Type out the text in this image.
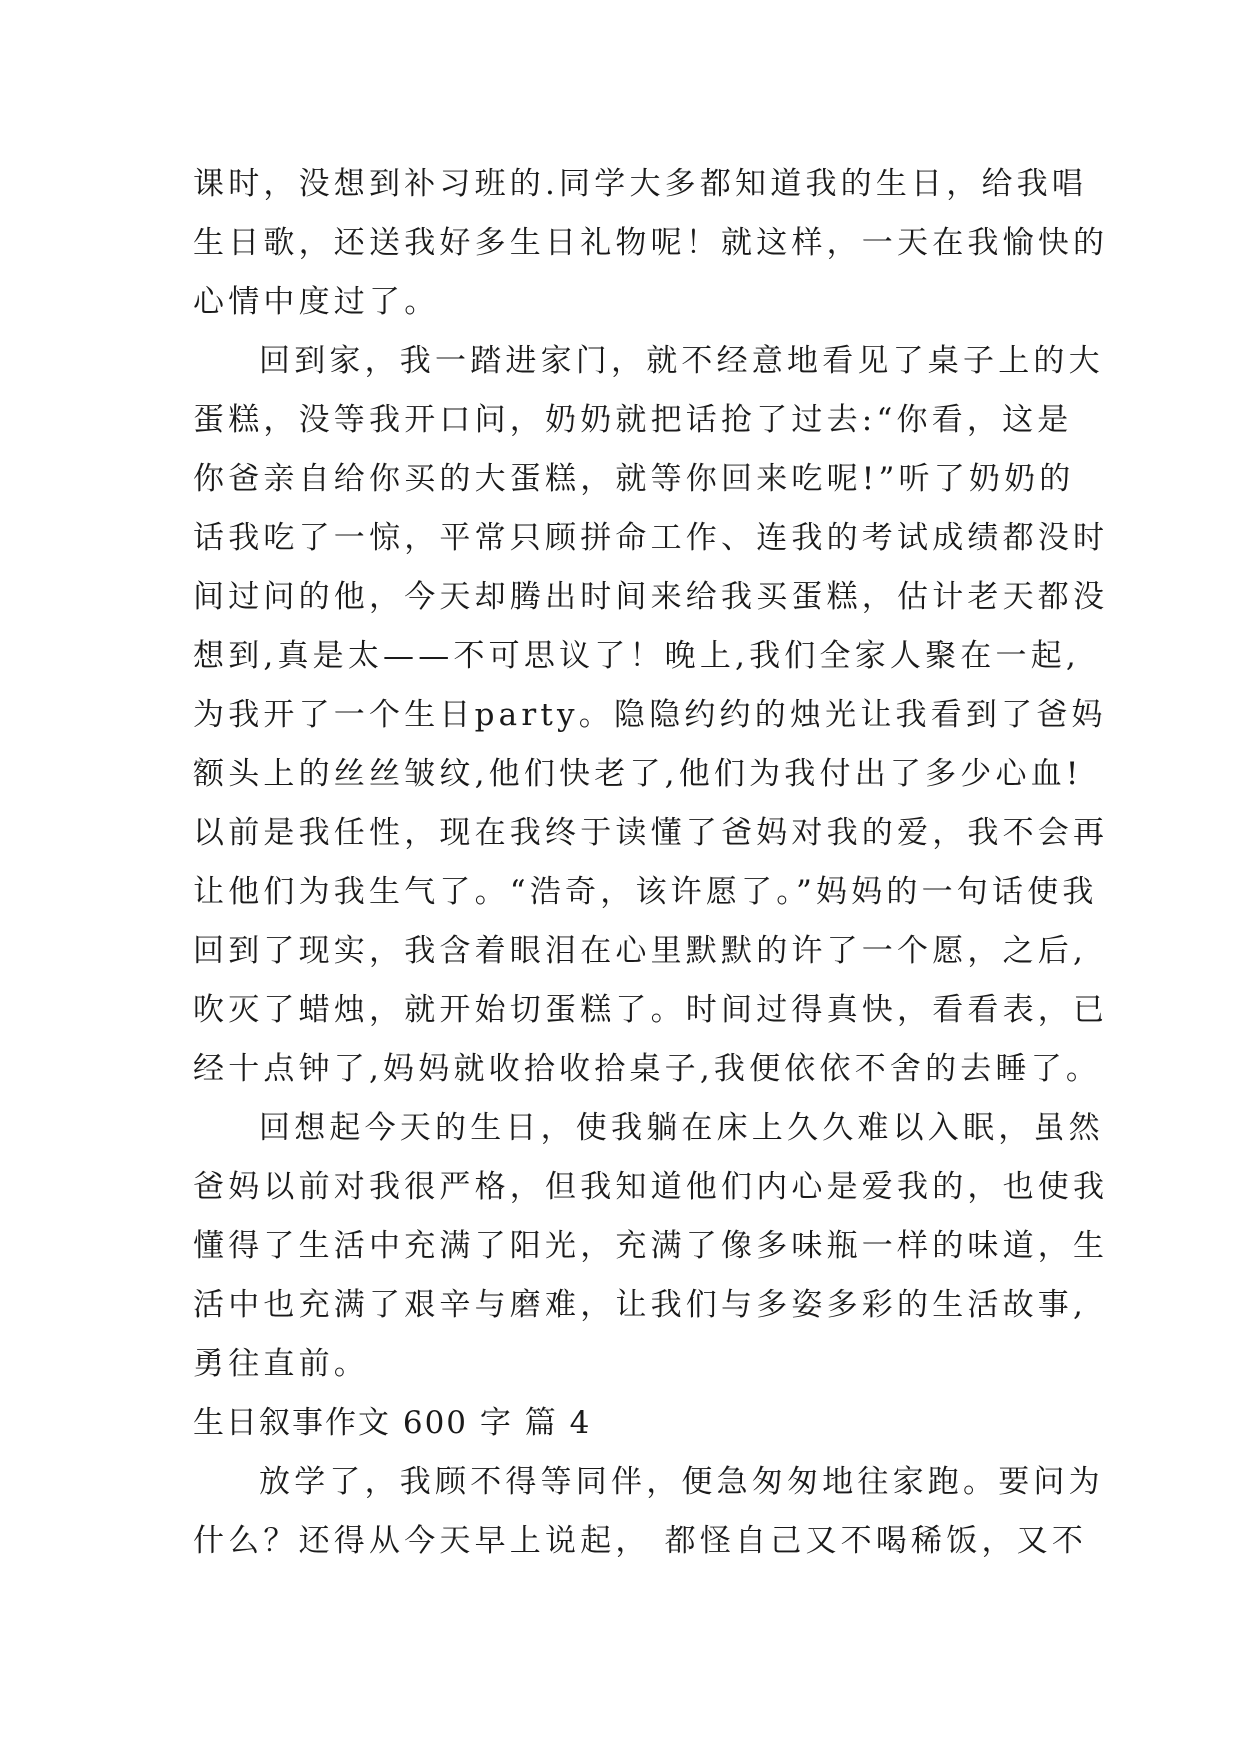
课时，没想到补习班的.同学大多都知道我的生日，给我唱
生日歌，还送我好多生日礼物呢！就这样，一天在我愉快的
心情中度过了。
回到家，我一踏进家门，就不经意地看见了桌子上的大
蛋糕，没等我开口问，奶奶就把话抢了过去:“你看，这是
你爸亲自给你买的大蛋糕，就等你回来吃呢!”听了奶奶的
话我吃了一惊，平常只顾拼命工作、连我的考试成绩都没时
间过问的他，今天却腾出时间来给我买蛋糕，估计老天都没
想到,真是太——不可思议了！晚上,我们全家人聚在一起,
为我开了一个生日party。隐隐约约的烛光让我看到了爸妈
额头上的丝丝皱纹,他们快老了,他们为我付出了多少心血!
以前是我任性，现在我终于读懂了爸妈对我的爱，我不会再
让他们为我生气了。“浩奇，该许愿了。”妈妈的一句话使我
回到了现实，我含着眼泪在心里默默的许了一个愿，之后,
吹灭了蜡烛，就开始切蛋糕了。时间过得真快，看看表，已
经十点钟了,妈妈就收拾收拾桌子,我便依依不舍的去睡了。
回想起今天的生日，使我躺在床上久久难以入眠，虽然
爸妈以前对我很严格，但我知道他们内心是爱我的，也使我
懂得了生活中充满了阳光，充满了像多味瓶一样的味道，生
活中也充满了艰辛与磨难，让我们与多姿多彩的生活故事,
勇往直前。
生日叙事作文 600 字 篇 4
放学了，我顾不得等同伴，便急匆匆地往家跑。要问为
什么？还得从今天早上说起， 都怪自己又不喝稀饭，又不
